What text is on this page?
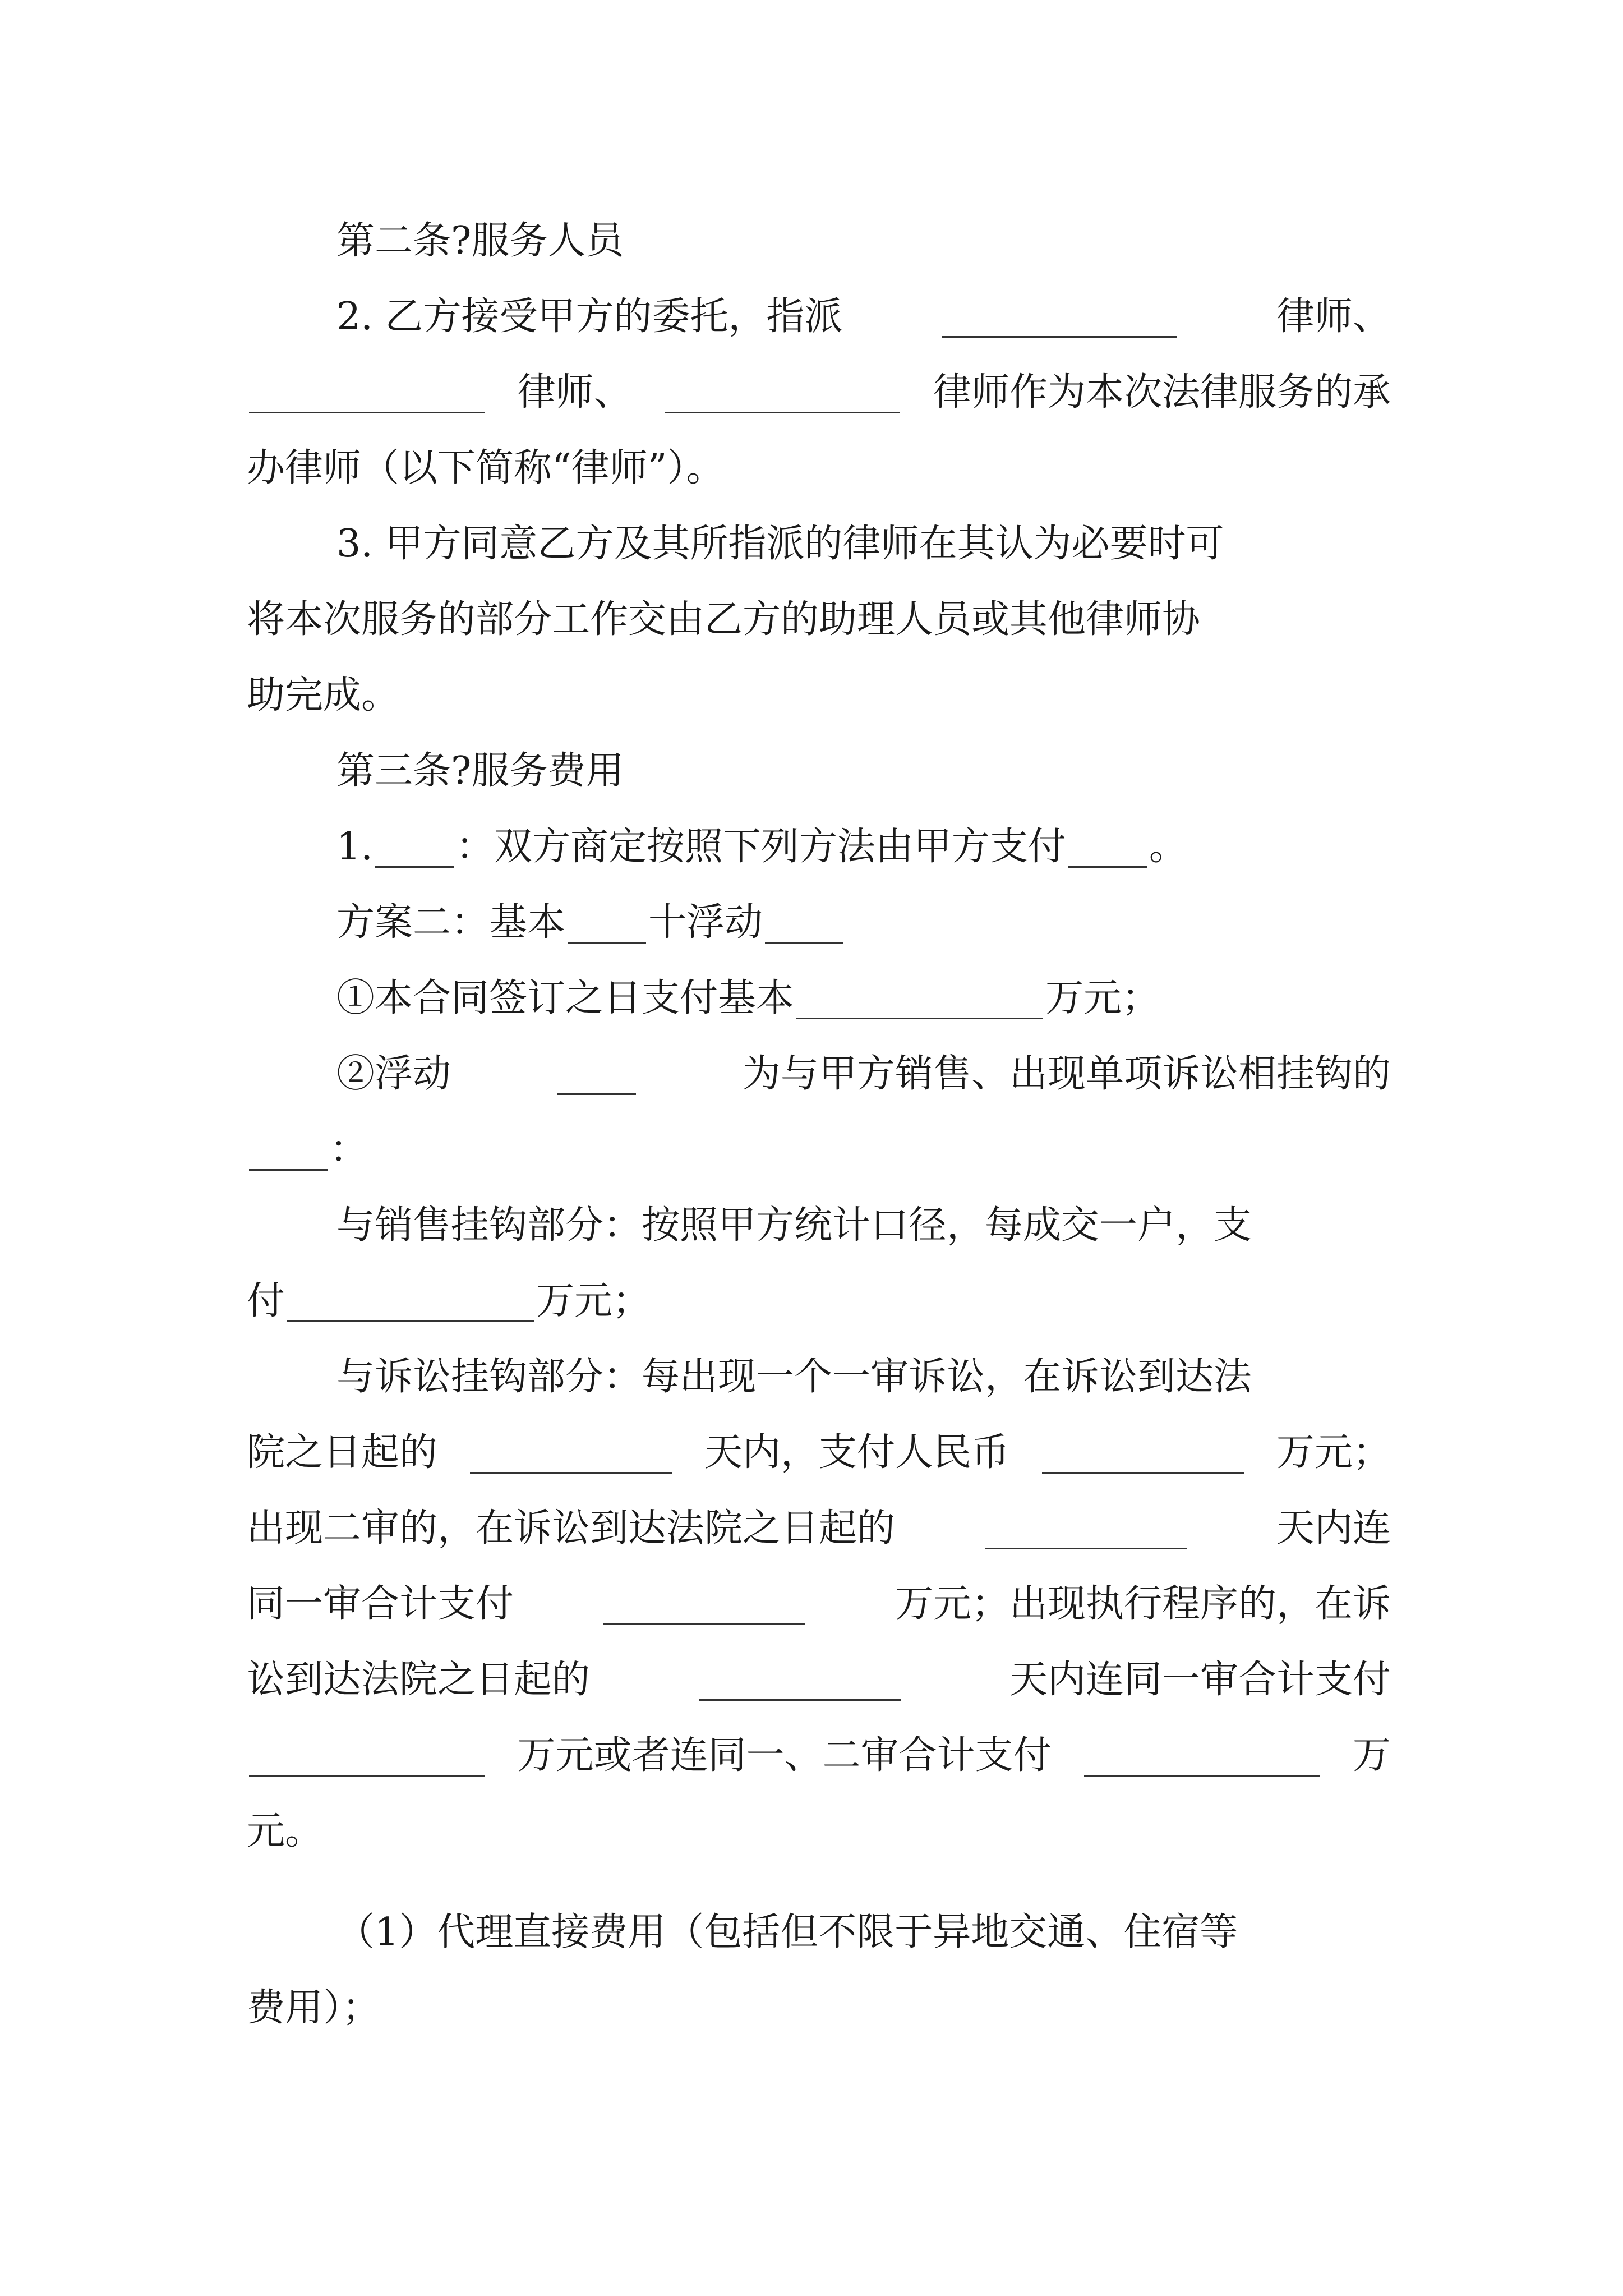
第二条?服务人员
2. 乙方接受甲方的委托，指派	律师、
律师、	律师作为本次法律服务的承
办律师（以下简称“律师”）。
3. 甲方同意乙方及其所指派的律师在其认为必要时可
将本次服务的部分工作交由乙方的助理人员或其他律师协
助完成。
第三条?服务费用
1. ：双方商定按照下列方法由甲方支付 。
方案二：基本 十浮动
①本合同签订之日支付基本	万元；
②浮动	为与甲方销售、出现单项诉讼相挂钩的
：
与销售挂钩部分：按照甲方统计口径，每成交一户，支
付	万元；
与诉讼挂钩部分：每出现一个一审诉讼，在诉讼到达法
院之日起的	天内，支付人民币	万元；
出现二审的，在诉讼到达法院之日起的	天内连
同一审合计支付	万元；出现执行程序的，在诉
讼到达法院之日起的	天内连同一审合计支付
万元或者连同一、二审合计支付	万
元。
（1）代理直接费用（包括但不限于异地交通、住宿等
费用）；
